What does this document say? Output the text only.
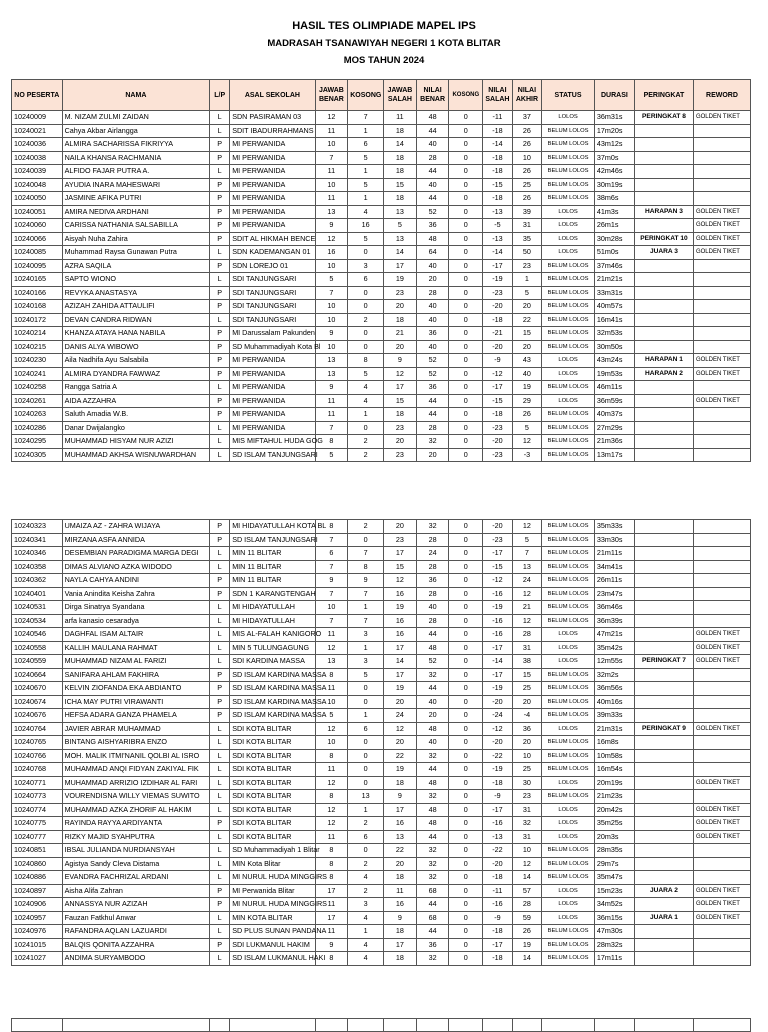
HASIL TES OLIMPIADE MAPEL IPS
MADRASAH TSANAWIYAH NEGERI 1 KOTA BLITAR
MOS TAHUN 2024
NO PESERTA	NAMA	L/P	ASAL SEKOLAH	JAWAB BENAR	KOSONG	JAWAB SALAH	NILAI BENAR	KOSONG	NILAI SALAH	NILAI AKHIR	STATUS	DURASI	PERINGKAT	REWORD
10240009	M. NIZAM ZULMI ZAIDAN	L	SDN PASIRAMAN 03	12	7	11	48	0	-11	37	LOLOS	36m31s	PERINGKAT 8	GOLDEN TIKET
10240021	Cahya Akbar Airlangga	L	SDIT IBADURRAHMANS	11	1	18	44	0	-18	26	BELUM LOLOS	17m20s		
10240036	ALMIRA SACHARISSA FIKRIYYA	P	MI PERWANIDA	10	6	14	40	0	-14	26	BELUM LOLOS	43m12s		
10240038	NAILA KHANSA RACHMANIA	P	MI PERWANIDA	7	5	18	28	0	-18	10	BELUM LOLOS	37m0s		
10240039	ALFIDO FAJAR PUTRA A.	L	MI PERWANIDA	11	1	18	44	0	-18	26	BELUM LOLOS	42m46s		
10240048	AYUDIA INARA MAHESWARI	P	MI PERWANIDA	10	5	15	40	0	-15	25	BELUM LOLOS	30m19s		
10240050	JASMINE AFIKA PUTRI	P	MI PERWANIDA	11	1	18	44	0	-18	26	BELUM LOLOS	38m6s		
10240051	AMIRA NEDIVA ARDHANI	P	MI PERWANIDA	13	4	13	52	0	-13	39	LOLOS	41m3s	HARAPAN 3	GOLDEN TIKET
10240060	CARISSA NATHANIA SALSABILLA	P	MI PERWANIDA	9	16	5	36	0	-5	31	LOLOS	26m1s		GOLDEN TIKET
10240066	Aisyah Nuha Zahira	P	SDIT AL HIKMAH BENCE	12	5	13	48	0	-13	35	LOLOS	30m28s	PERINGKAT 10	GOLDEN TIKET
10240085	Muhammad Raysa Gunawan Putra	L	SDN KADEMANGAN 01	16	0	14	64	0	-14	50	LOLOS	51m0s	JUARA 3	GOLDEN TIKET
10240095	AZRA SAQILA	P	SDN LOREJO 01	10	3	17	40	0	-17	23	BELUM LOLOS	37m46s		
10240165	SAPTO WIONO	L	SDI TANJUNGSARI	5	6	19	20	0	-19	1	BELUM LOLOS	21m21s		
10240166	REVYKA ANASTASYA	P	SDI TANJUNGSARI	7	0	23	28	0	-23	5	BELUM LOLOS	33m31s		
10240168	AZIZAH ZAHIDA ATTAULIFI	P	SDI TANJUNGSARI	10	0	20	40	0	-20	20	BELUM LOLOS	40m57s		
10240172	DEVAN CANDRA RIDWAN	L	SDI TANJUNGSARI	10	2	18	40	0	-18	22	BELUM LOLOS	16m41s		
10240214	KHANZA ATAYA HANA NABILA	P	MI Darussalam Pakunden	9	0	21	36	0	-21	15	BELUM LOLOS	32m53s		
10240215	DANIS ALYA WIBOWO	P	SD Muhammadiyah Kota Bl	10	0	20	40	0	-20	20	BELUM LOLOS	30m50s		
10240230	Aila Nadhifa Ayu Salsabila	P	MI PERWANIDA	13	8	9	52	0	-9	43	LOLOS	43m24s	HARAPAN 1	GOLDEN TIKET
10240241	ALMIRA DYANDRA FAWWAZ	P	MI PERWANIDA	13	5	12	52	0	-12	40	LOLOS	19m53s	HARAPAN 2	GOLDEN TIKET
10240258	Rangga Satria A	L	MI PERWANIDA	9	4	17	36	0	-17	19	BELUM LOLOS	46m11s		
10240261	AIDA AZZAHRA	P	MI PERWANIDA	11	4	15	44	0	-15	29	LOLOS	36m59s		GOLDEN TIKET
10240263	Saluth Amadia W.B.	P	MI PERWANIDA	11	1	18	44	0	-18	26	BELUM LOLOS	40m37s		
10240286	Danar Dwijalangko	L	MI PERWANIDA	7	0	23	28	0	-23	5	BELUM LOLOS	27m29s		
10240295	MUHAMMAD HISYAM NUR AZIZI	L	MIS MIFTAHUL HUDA GOG	8	2	20	32	0	-20	12	BELUM LOLOS	21m36s		
10240305	MUHAMMAD AKHSA WISNUWARDHAN	L	SD ISLAM TANJUNGSARI	5	2	23	20	0	-23	-3	BELUM LOLOS	13m17s		
10240323	UMAIZA AZ - ZAHRA WIJAYA	P	MI HIDAYATULLAH KOTA BL	8	2	20	32	0	-20	12	BELUM LOLOS	35m33s		
10240341	MIRZANA ASFA ANNIDA	P	SD ISLAM TANJUNGSARI	7	0	23	28	0	-23	5	BELUM LOLOS	33m30s		
10240346	DESEMBIAN PARADIGMA MARGA DEGI	L	MIN 11 BLITAR	6	7	17	24	0	-17	7	BELUM LOLOS	21m11s		
10240358	DIMAS ALVIANO AZKA WIDODO	L	MIN 11 BLITAR	7	8	15	28	0	-15	13	BELUM LOLOS	34m41s		
10240362	NAYLA CAHYA ANDINI	P	MIN 11 BLITAR	9	9	12	36	0	-12	24	BELUM LOLOS	26m11s		
10240401	Vania Anindita Keisha Zahra	P	SDN 1 KARANGTENGAH	7	7	16	28	0	-16	12	BELUM LOLOS	23m47s		
10240531	Dirga Sinatrya Syandana	L	MI HIDAYATULLAH	10	1	19	40	0	-19	21	BELUM LOLOS	36m46s		
10240534	arfa kanasio cesaradya	L	MI HIDAYATULLAH	7	7	16	28	0	-16	12	BELUM LOLOS	36m39s		
10240546	DAGHFAL ISAM ALTAIR	L	MIS AL-FALAH KANIGORO	11	3	16	44	0	-16	28	LOLOS	47m21s		GOLDEN TIKET
10240558	KALLIH MAULANA RAHMAT	L	MIN 5 TULUNGAGUNG	12	1	17	48	0	-17	31	LOLOS	35m42s		GOLDEN TIKET
10240559	MUHAMMAD NIZAM AL FARIZI	L	SDI KARDINA MASSA	13	3	14	52	0	-14	38	LOLOS	12m55s	PERINGKAT 7	GOLDEN TIKET
10240664	SANIFARA AHLAM FAKHIRA	P	SD ISLAM KARDINA MASSA	8	5	17	32	0	-17	15	BELUM LOLOS	32m2s		
10240670	KELVIN ZIOFANDA EKA ABDIANTO	P	SD ISLAM KARDINA MASSA	11	0	19	44	0	-19	25	BELUM LOLOS	36m56s		
10240674	ICHA MAY PUTRI VIRAWANTI	P	SD ISLAM KARDINA MASSA	10	0	20	40	0	-20	20	BELUM LOLOS	40m16s		
10240676	HEFSA ADARA GANZA PHAMELA	P	SD ISLAM KARDINA MASSA	5	1	24	20	0	-24	-4	BELUM LOLOS	39m33s		
10240764	JAVIER ABRAR MUHAMMAD	L	SDI KOTA BLITAR	12	6	12	48	0	-12	36	LOLOS	21m31s	PERINGKAT 9	GOLDEN TIKET
10240765	BINTANG AISHYARIBRA ENZO	L	SDI KOTA BLITAR	10	0	20	40	0	-20	20	BELUM LOLOS	16m8s		
10240766	MOH. MALIK ITMI'NANIL QOLBI AL ISRO	L	SDI KOTA BLITAR	8	0	22	32	0	-22	10	BELUM LOLOS	10m58s		
10240768	MUHAMMAD ANQI FIDYAN ZAKIYAL FIK	L	SDI KOTA BLITAR	11	0	19	44	0	-19	25	BELUM LOLOS	16m54s		
10240771	MUHAMMAD ARRIZIO IZDIHAR AL FARI	L	SDI KOTA BLITAR	12	0	18	48	0	-18	30	LOLOS	20m19s		GOLDEN TIKET
10240773	VOURENDISNA WILLY VIEMAS SUWITO	L	SDI KOTA BLITAR	8	13	9	32	0	-9	23	BELUM LOLOS	21m23s		
10240774	MUHAMMAD AZKA ZHORIF AL HAKIM	L	SDI KOTA BLITAR	12	1	17	48	0	-17	31	LOLOS	20m42s		GOLDEN TIKET
10240775	RAYINDA RAYYA ARDIYANTA	P	SDI KOTA BLITAR	12	2	16	48	0	-16	32	LOLOS	35m25s		GOLDEN TIKET
10240777	RIZKY MAJID SYAHPUTRA	L	SDI KOTA BLITAR	11	6	13	44	0	-13	31	LOLOS	20m3s		GOLDEN TIKET
10240851	IBSAL JULIANDA NURDIANSYAH	L	SD Muhammadiyah 1 Blitar	8	0	22	32	0	-22	10	BELUM LOLOS	28m35s		
10240860	Agistya Sandy Cleva Distama	L	MIN Kota Blitar	8	2	20	32	0	-20	12	BELUM LOLOS	29m7s		
10240886	EVANDRA FACHRIZAL ARDANI	L	MI NURUL HUDA MINGGIRS	8	4	18	32	0	-18	14	BELUM LOLOS	35m47s		
10240897	Aisha Alifa Zahran	P	MI Perwanida Blitar	17	2	11	68	0	-11	57	LOLOS	15m23s	JUARA 2	GOLDEN TIKET
10240906	ANNASSYA NUR AZIZAH	P	MI NURUL HUDA MINGGIRS	11	3	16	44	0	-16	28	LOLOS	34m52s		GOLDEN TIKET
10240957	Fauzan Fatkhul Anwar	L	MIN KOTA BLITAR	17	4	9	68	0	-9	59	LOLOS	36m15s	JUARA 1	GOLDEN TIKET
10240976	RAFANDRA AQLAN LAZUARDI	L	SD PLUS SUNAN PANDANA	11	1	18	44	0	-18	26	BELUM LOLOS	47m30s		
10241015	BALQIS QONITA AZZAHRA	P	SDI LUKMANUL HAKIM	9	4	17	36	0	-17	19	BELUM LOLOS	28m32s		
10241027	ANDIMA SURYAMBODO	L	SD ISLAM LUKMANUL HAKI	8	4	18	32	0	-18	14	BELUM LOLOS	17m11s		
